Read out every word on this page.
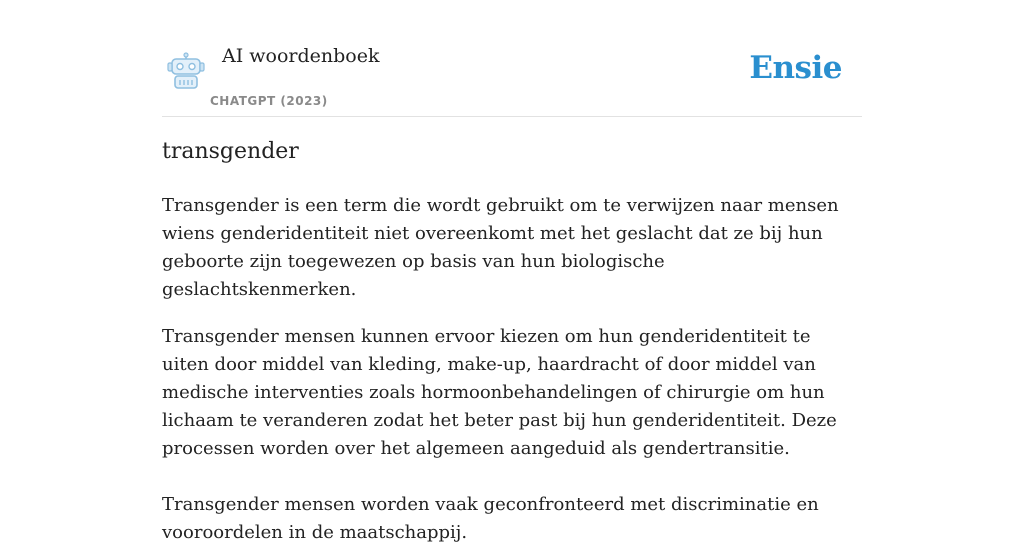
AI woordenboek
CHATGPT (2023)
Ensie
transgender

Transgender is een term die wordt gebruikt om te verwijzen naar mensen wiens genderidentiteit niet overeenkomt met het geslacht dat ze bij hun geboorte zijn toegewezen op basis van hun biologische geslachtskenmerken.

Transgender mensen kunnen ervoor kiezen om hun genderidentiteit te uiten door middel van kleding, make-up, haardracht of door middel van medische interventies zoals hormoonbehandelingen of chirurgie om hun lichaam te veranderen zodat het beter past bij hun genderidentiteit. Deze processen worden over het algemeen aangeduid als gendertransitie.

Transgender mensen worden vaak geconfronteerd met discriminatie en vooroordelen in de maatschappij.
